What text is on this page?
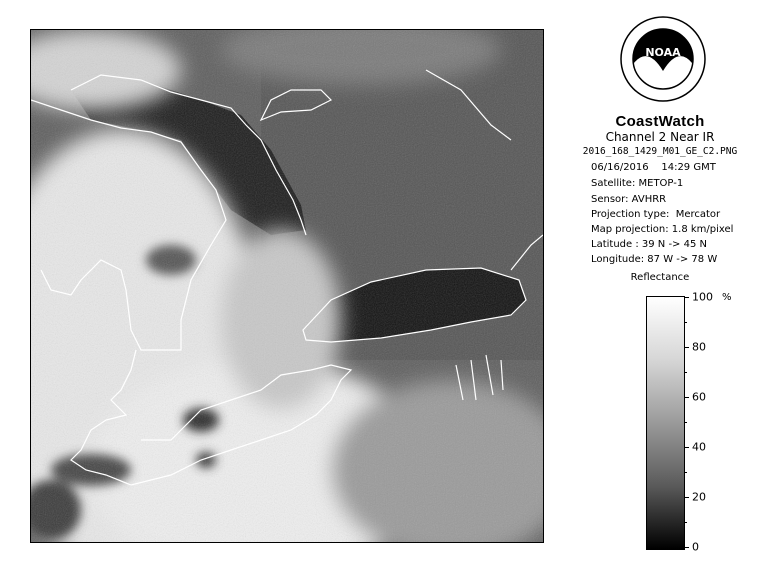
NOAA
CoastWatch
Channel 2 Near IR
2016_168_1429_M01_GE_C2.PNG
06/16/2016    14:29 GMT
Satellite: METOP-1
Sensor: AVHRR
Projection type:  Mercator
Map projection: 1.8 km/pixel
Latitude : 39 N -> 45 N
Longitude: 87 W -> 78 W
Reflectance
%
100
80
60
40
20
0
